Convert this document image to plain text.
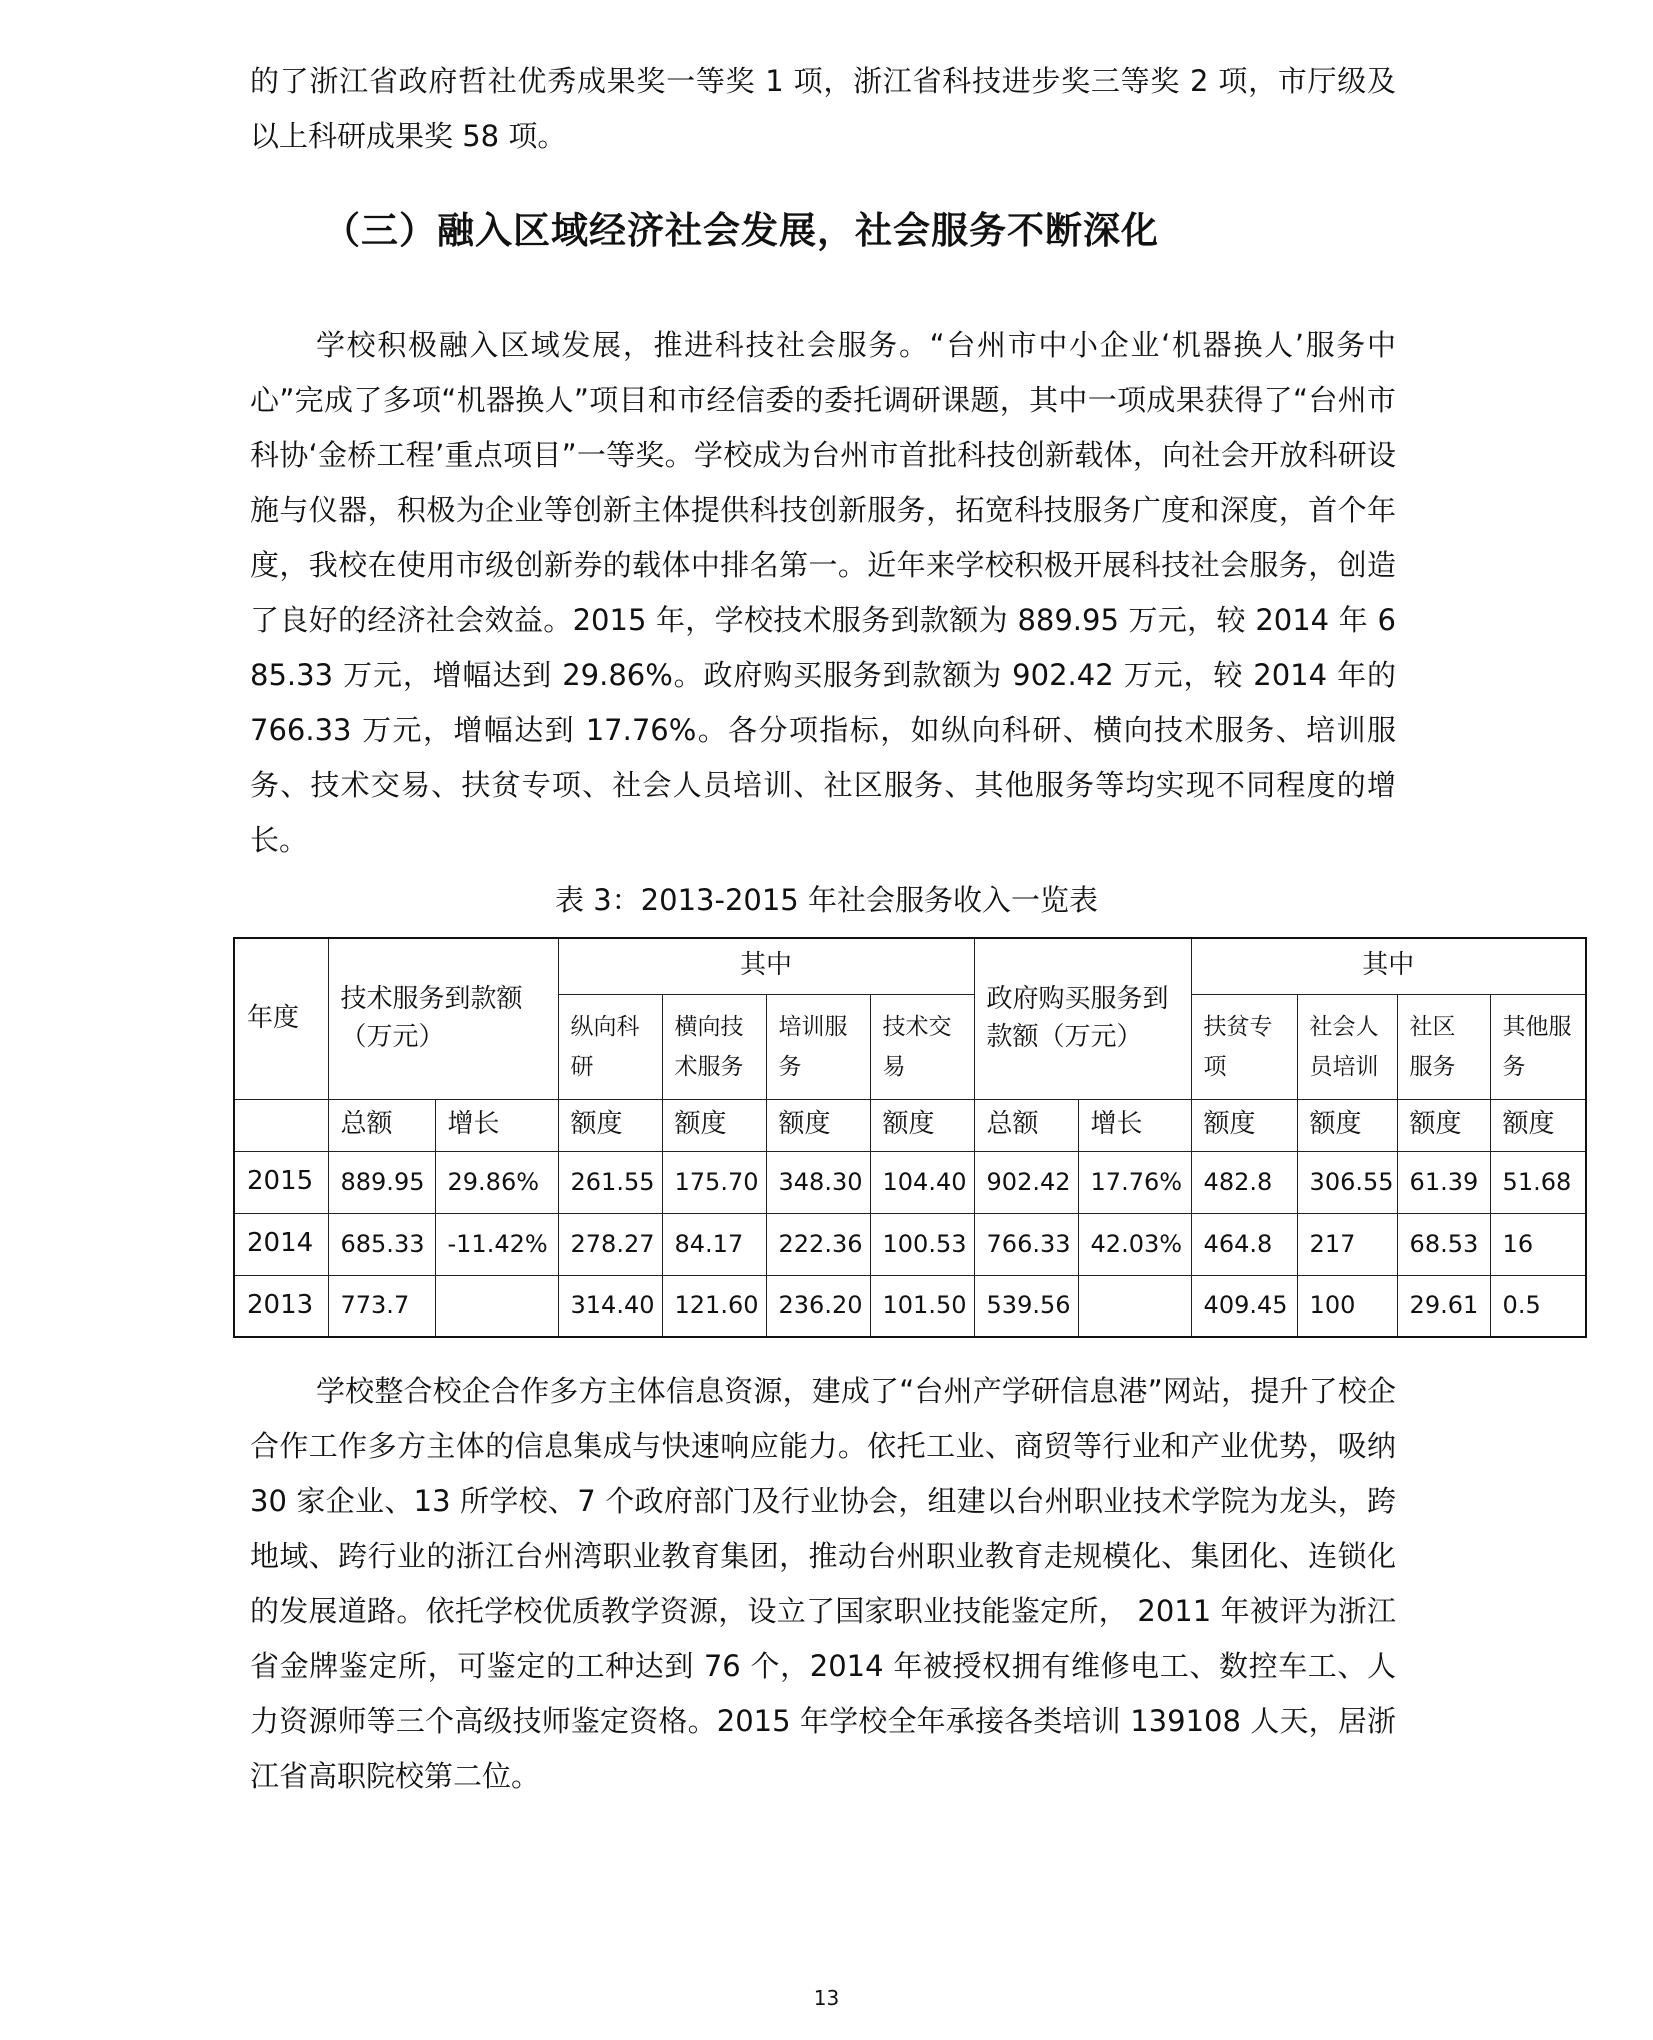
的了浙江省政府哲社优秀成果奖一等奖 1 项，浙江省科技进步奖三等奖 2 项，市厅级及以上科研成果奖 58 项。

（三）融入区域经济社会发展，社会服务不断深化

学校积极融入区域发展，推进科技社会服务。“台州市中小企业‘机器换人’服务中心”完成了多项“机器换人”项目和市经信委的委托调研课题，其中一项成果获得了“台州市科协‘金桥工程’重点项目”一等奖。学校成为台州市首批科技创新载体，向社会开放科研设施与仪器，积极为企业等创新主体提供科技创新服务，拓宽科技服务广度和深度，首个年度，我校在使用市级创新券的载体中排名第一。近年来学校积极开展科技社会服务，创造了良好的经济社会效益。2015 年，学校技术服务到款额为 889.95 万元，较 2014 年 685.33 万元，增幅达到 29.86%。政府购买服务到款额为 902.42 万元，较 2014 年的 766.33 万元，增幅达到 17.76%。各分项指标，如纵向科研、横向技术服务、培训服务、技术交易、扶贫专项、社会人员培训、社区服务、其他服务等均实现不同程度的增长。

表 3：2013-2015 年社会服务收入一览表

年度	技术服务到款额（万元）		其中				政府购买服务到款额（万元）		其中			
			纵向科研	横向技术服务	培训服务	技术交易			扶贫专项	社会人员培训	社区服务	其他服务
	总额	增长	额度	额度	额度	额度	总额	增长	额度	额度	额度	额度
2015	889.95	29.86%	261.55	175.70	348.30	104.40	902.42	17.76%	482.8	306.55	61.39	51.68
2014	685.33	-11.42%	278.27	84.17	222.36	100.53	766.33	42.03%	464.8	217	68.53	16
2013	773.7		314.40	121.60	236.20	101.50	539.56		409.45	100	29.61	0.5

学校整合校企合作多方主体信息资源，建成了“台州产学研信息港”网站，提升了校企合作工作多方主体的信息集成与快速响应能力。依托工业、商贸等行业和产业优势，吸纳 30 家企业、13 所学校、7 个政府部门及行业协会，组建以台州职业技术学院为龙头，跨地域、跨行业的浙江台州湾职业教育集团，推动台州职业教育走规模化、集团化、连锁化的发展道路。依托学校优质教学资源，设立了国家职业技能鉴定所， 2011 年被评为浙江省金牌鉴定所，可鉴定的工种达到 76 个，2014 年被授权拥有维修电工、数控车工、人力资源师等三个高级技师鉴定资格。2015 年学校全年承接各类培训 139108 人天，居浙江省高职院校第二位。

13
